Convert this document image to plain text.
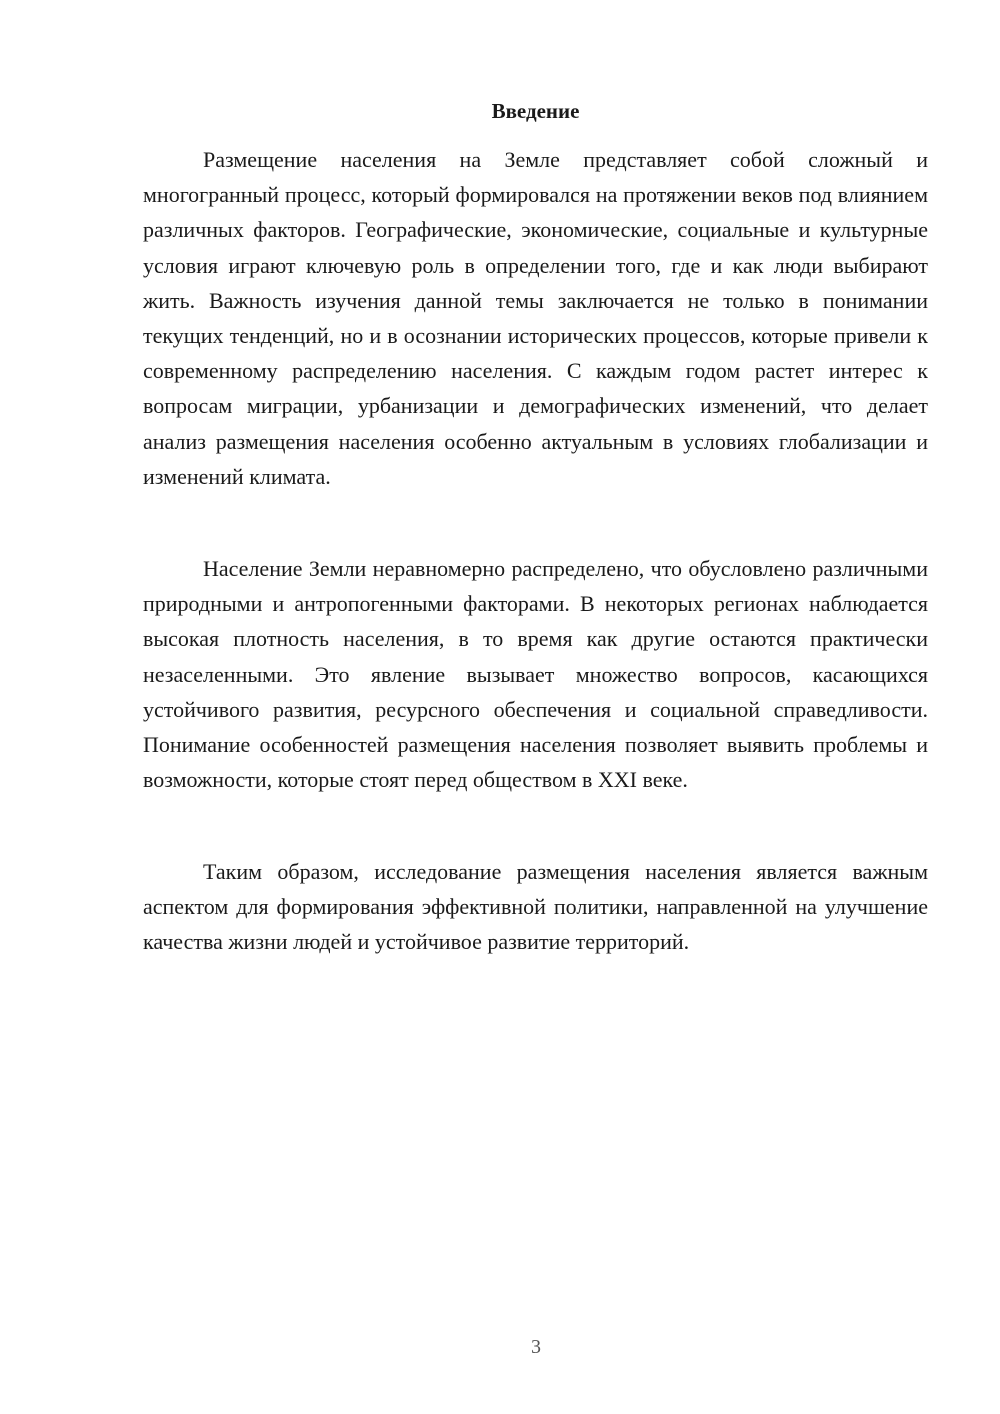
Введение

Размещение населения на Земле представляет собой сложный и многогранный процесс, который формировался на протяжении веков под влиянием различных факторов. Географические, экономические, социальные и культурные условия играют ключевую роль в определении того, где и как люди выбирают жить. Важность изучения данной темы заключается не только в понимании текущих тенденций, но и в осознании исторических процессов, которые привели к современному распределению населения. С каждым годом растет интерес к вопросам миграции, урбанизации и демографических изменений, что делает анализ размещения населения особенно актуальным в условиях глобализации и изменений климата.

Население Земли неравномерно распределено, что обусловлено различными природными и антропогенными факторами. В некоторых регионах наблюдается высокая плотность населения, в то время как другие остаются практически незаселенными. Это явление вызывает множество вопросов, касающихся устойчивого развития, ресурсного обеспечения и социальной справедливости. Понимание особенностей размещения населения позволяет выявить проблемы и возможности, которые стоят перед обществом в XXI веке.

Таким образом, исследование размещения населения является важным аспектом для формирования эффективной политики, направленной на улучшение качества жизни людей и устойчивое развитие территорий.

3
